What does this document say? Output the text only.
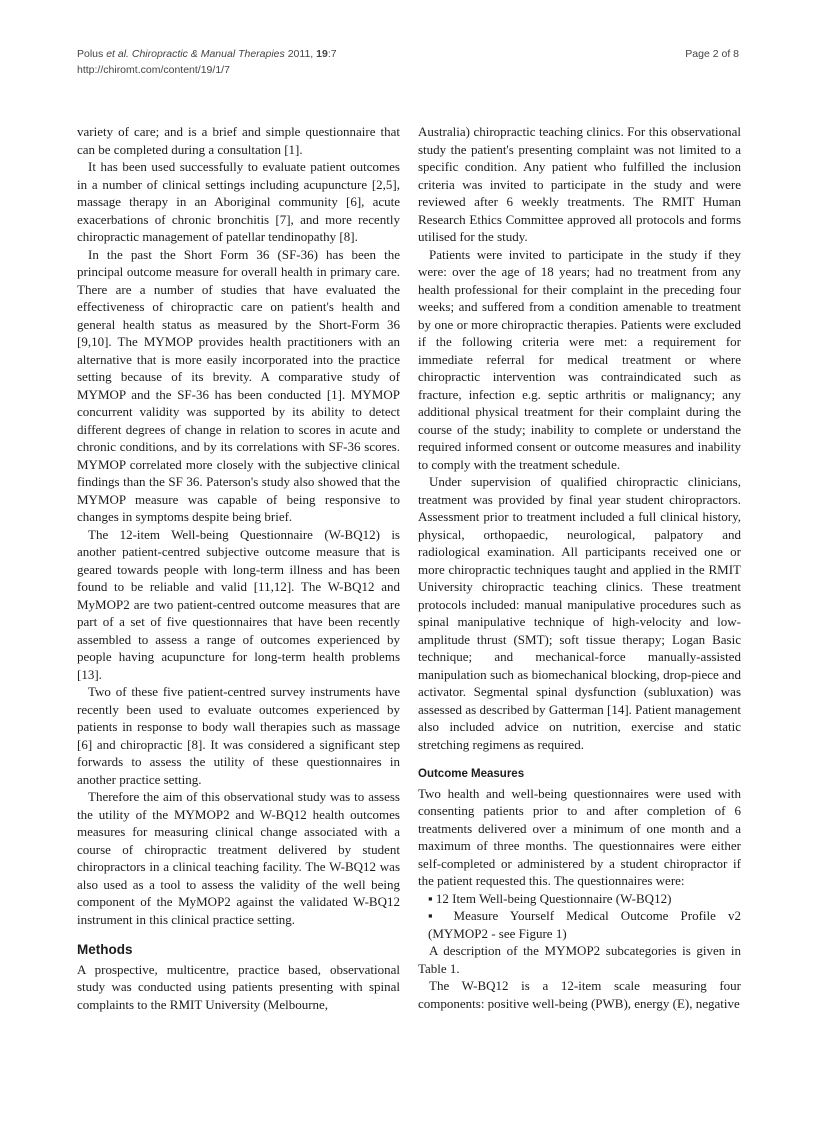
Polus et al. Chiropractic & Manual Therapies 2011, 19:7
http://chiromt.com/content/19/1/7
Page 2 of 8

variety of care; and is a brief and simple questionnaire that can be completed during a consultation [1].

It has been used successfully to evaluate patient outcomes in a number of clinical settings including acupuncture [2,5], massage therapy in an Aboriginal community [6], acute exacerbations of chronic bronchitis [7], and more recently chiropractic management of patellar tendinopathy [8].

In the past the Short Form 36 (SF-36) has been the principal outcome measure for overall health in primary care. There are a number of studies that have evaluated the effectiveness of chiropractic care on patient's health and general health status as measured by the Short-Form 36 [9,10]. The MYMOP provides health practitioners with an alternative that is more easily incorporated into the practice setting because of its brevity. A comparative study of MYMOP and the SF-36 has been conducted [1]. MYMOP concurrent validity was supported by its ability to detect different degrees of change in relation to scores in acute and chronic conditions, and by its correlations with SF-36 scores. MYMOP correlated more closely with the subjective clinical findings than the SF 36. Paterson's study also showed that the MYMOP measure was capable of being responsive to changes in symptoms despite being brief.

The 12-item Well-being Questionnaire (W-BQ12) is another patient-centred subjective outcome measure that is geared towards people with long-term illness and has been found to be reliable and valid [11,12]. The W-BQ12 and MyMOP2 are two patient-centred outcome measures that are part of a set of five questionnaires that have been recently assembled to assess a range of outcomes experienced by people having acupuncture for long-term health problems [13].

Two of these five patient-centred survey instruments have recently been used to evaluate outcomes experienced by patients in response to body wall therapies such as massage [6] and chiropractic [8]. It was considered a significant step forwards to assess the utility of these questionnaires in another practice setting.

Therefore the aim of this observational study was to assess the utility of the MYMOP2 and W-BQ12 health outcomes measures for measuring clinical change associated with a course of chiropractic treatment delivered by student chiropractors in a clinical teaching facility. The W-BQ12 was also used as a tool to assess the validity of the well being component of the MyMOP2 against the validated W-BQ12 instrument in this clinical practice setting.

Methods

A prospective, multicentre, practice based, observational study was conducted using patients presenting with spinal complaints to the RMIT University (Melbourne,

Australia) chiropractic teaching clinics. For this observational study the patient's presenting complaint was not limited to a specific condition. Any patient who fulfilled the inclusion criteria was invited to participate in the study and were reviewed after 6 weekly treatments. The RMIT Human Research Ethics Committee approved all protocols and forms utilised for the study.

Patients were invited to participate in the study if they were: over the age of 18 years; had no treatment from any health professional for their complaint in the preceding four weeks; and suffered from a condition amenable to treatment by one or more chiropractic therapies. Patients were excluded if the following criteria were met: a requirement for immediate referral for medical treatment or where chiropractic intervention was contraindicated such as fracture, infection e.g. septic arthritis or malignancy; any additional physical treatment for their complaint during the course of the study; inability to complete or understand the required informed consent or outcome measures and inability to comply with the treatment schedule.

Under supervision of qualified chiropractic clinicians, treatment was provided by final year student chiropractors. Assessment prior to treatment included a full clinical history, physical, orthopaedic, neurological, palpatory and radiological examination. All participants received one or more chiropractic techniques taught and applied in the RMIT University chiropractic teaching clinics. These treatment protocols included: manual manipulative procedures such as spinal manipulative technique of high-velocity and low-amplitude thrust (SMT); soft tissue therapy; Logan Basic technique; and mechanical-force manually-assisted manipulation such as biomechanical blocking, drop-piece and activator. Segmental spinal dysfunction (subluxation) was assessed as described by Gatterman [14]. Patient management also included advice on nutrition, exercise and static stretching regimens as required.

Outcome Measures

Two health and well-being questionnaires were used with consenting patients prior to and after completion of 6 treatments delivered over a minimum of one month and a maximum of three months. The questionnaires were either self-completed or administered by a student chiropractor if the patient requested this. The questionnaires were:

▪ 12 Item Well-being Questionnaire (W-BQ12)

▪ Measure Yourself Medical Outcome Profile v2 (MYMOP2 - see Figure 1)

A description of the MYMOP2 subcategories is given in Table 1.

The W-BQ12 is a 12-item scale measuring four components: positive well-being (PWB), energy (E), negative
